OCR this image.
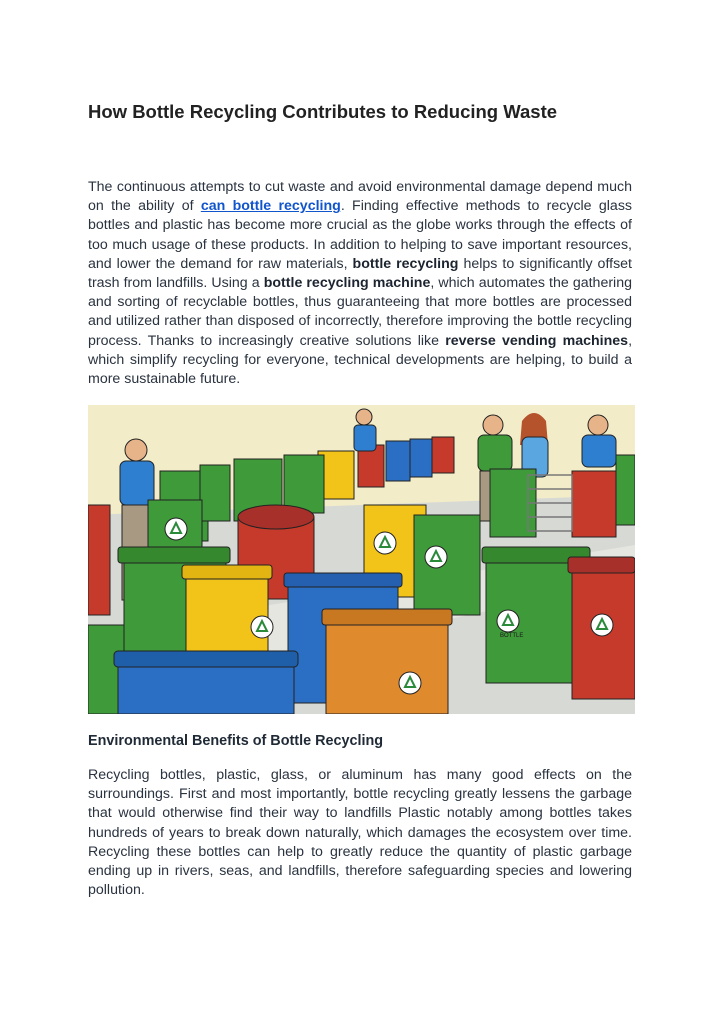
How Bottle Recycling Contributes to Reducing Waste

The continuous attempts to cut waste and avoid environmental damage depend much on the ability of can bottle recycling. Finding effective methods to recycle glass bottles and plastic has become more crucial as the globe works through the effects of too much usage of these products. In addition to helping to save important resources, and lower the demand for raw materials, bottle recycling helps to significantly offset trash from landfills. Using a bottle recycling machine, which automates the gathering and sorting of recyclable bottles, thus guaranteeing that more bottles are processed and utilized rather than disposed of incorrectly, therefore improving the bottle recycling process. Thanks to increasingly creative solutions like reverse vending machines, which simplify recycling for everyone, technical developments are helping, to build a more sustainable future.

BOTTLE
Environmental Benefits of Bottle Recycling

Recycling bottles, plastic, glass, or aluminum has many good effects on the surroundings. First and most importantly, bottle recycling greatly lessens the garbage that would otherwise find their way to landfills Plastic notably among bottles takes hundreds of years to break down naturally, which damages the ecosystem over time. Recycling these bottles can help to greatly reduce the quantity of plastic garbage ending up in rivers, seas, and landfills, therefore safeguarding species and lowering pollution.
